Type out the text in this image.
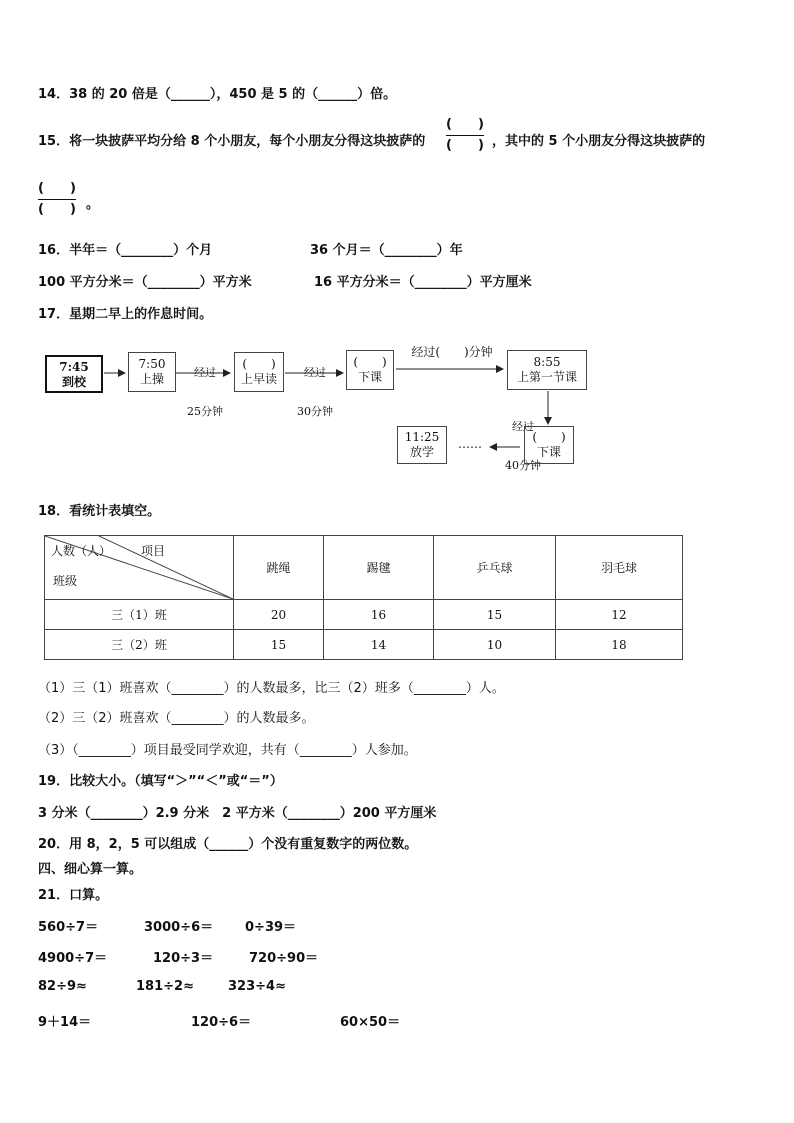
14．38 的 20 倍是（______），450 是 5 的（______）倍。
15．将一块披萨平均分给 8 个小朋友，每个小朋友分得这块披萨的
(　　)
(　　) ，其中的 5 个小朋友分得这块披萨的
(　　)
(　　) 。
16．半年＝（________）个月	36 个月＝（________）年
100 平方分米＝（________）平方米	16 平方分米＝（________）平方厘米
17．星期二早上的作息时间。
7:45
到校
7:50
上操

	经过

25分钟

(　　)
上早读

	经过

30分钟

(　　)
下课
经过(　　)分钟
8:55
上第一节课

经过

40分钟

(　　)
下课
……
11:25
放学
18．看统计表填空。
人数（人） 项目
班级	跳绳	踢毽	乒乓球	羽毛球
三（1）班	20	16	15	12
三（2）班	15	14	10	18
（1）三（1）班喜欢（________）的人数最多，比三（2）班多（________）人。
（2）三（2）班喜欢（________）的人数最多。
（3）（________）项目最受同学欢迎，共有（________）人参加。
19．比较大小。（填写“＞”“＜”或“＝”）
3 分米（________）2.9 分米　2 平方米（________）200 平方厘米
20．用 8，2，5 可以组成（______）个没有重复数字的两位数。
四、细心算一算。
21．口算。
560÷7＝	3000÷6＝ 0÷39＝
4900÷7＝	120÷3＝	720÷90＝
82÷9≈	181÷2≈	323÷4≈
9＋14＝	120÷6＝	60×50＝
